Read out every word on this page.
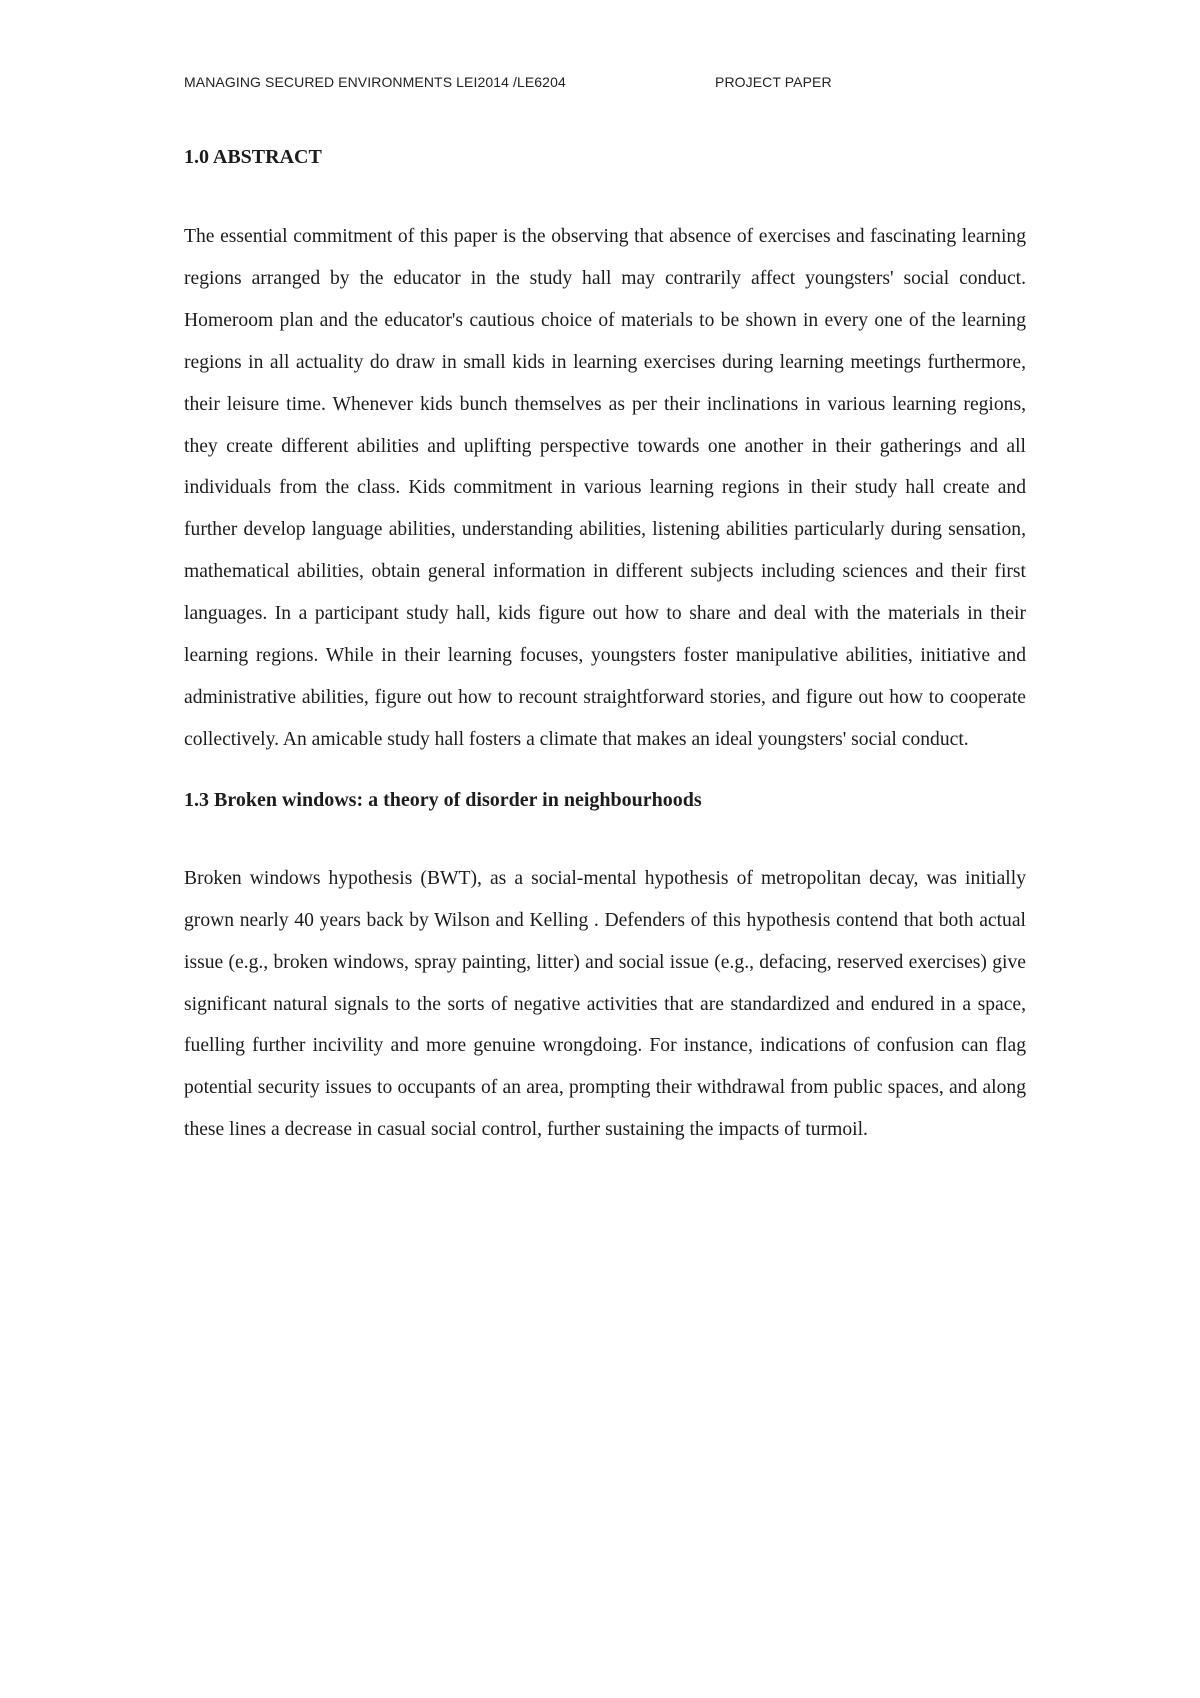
MANAGING SECURED ENVIRONMENTS LEI2014 /LE6204	PROJECT PAPER
1.0 ABSTRACT

The essential commitment of this paper is the observing that absence of exercises and fascinating learning regions arranged by the educator in the study hall may contrarily affect youngsters' social conduct. Homeroom plan and the educator's cautious choice of materials to be shown in every one of the learning regions in all actuality do draw in small kids in learning exercises during learning meetings furthermore, their leisure time. Whenever kids bunch themselves as per their inclinations in various learning regions, they create different abilities and uplifting perspective towards one another in their gatherings and all individuals from the class. Kids commitment in various learning regions in their study hall create and further develop language abilities, understanding abilities, listening abilities particularly during sensation, mathematical abilities, obtain general information in different subjects including sciences and their first languages. In a participant study hall, kids figure out how to share and deal with the materials in their learning regions. While in their learning focuses, youngsters foster manipulative abilities, initiative and administrative abilities, figure out how to recount straightforward stories, and figure out how to cooperate collectively. An amicable study hall fosters a climate that makes an ideal youngsters' social conduct.

1.3 Broken windows: a theory of disorder in neighbourhoods

Broken windows hypothesis (BWT), as a social-mental hypothesis of metropolitan decay, was initially grown nearly 40 years back by Wilson and Kelling . Defenders of this hypothesis contend that both actual issue (e.g., broken windows, spray painting, litter) and social issue (e.g., defacing, reserved exercises) give significant natural signals to the sorts of negative activities that are standardized and endured in a space, fuelling further incivility and more genuine wrongdoing. For instance, indications of confusion can flag potential security issues to occupants of an area, prompting their withdrawal from public spaces, and along these lines a decrease in casual social control, further sustaining the impacts of turmoil.
